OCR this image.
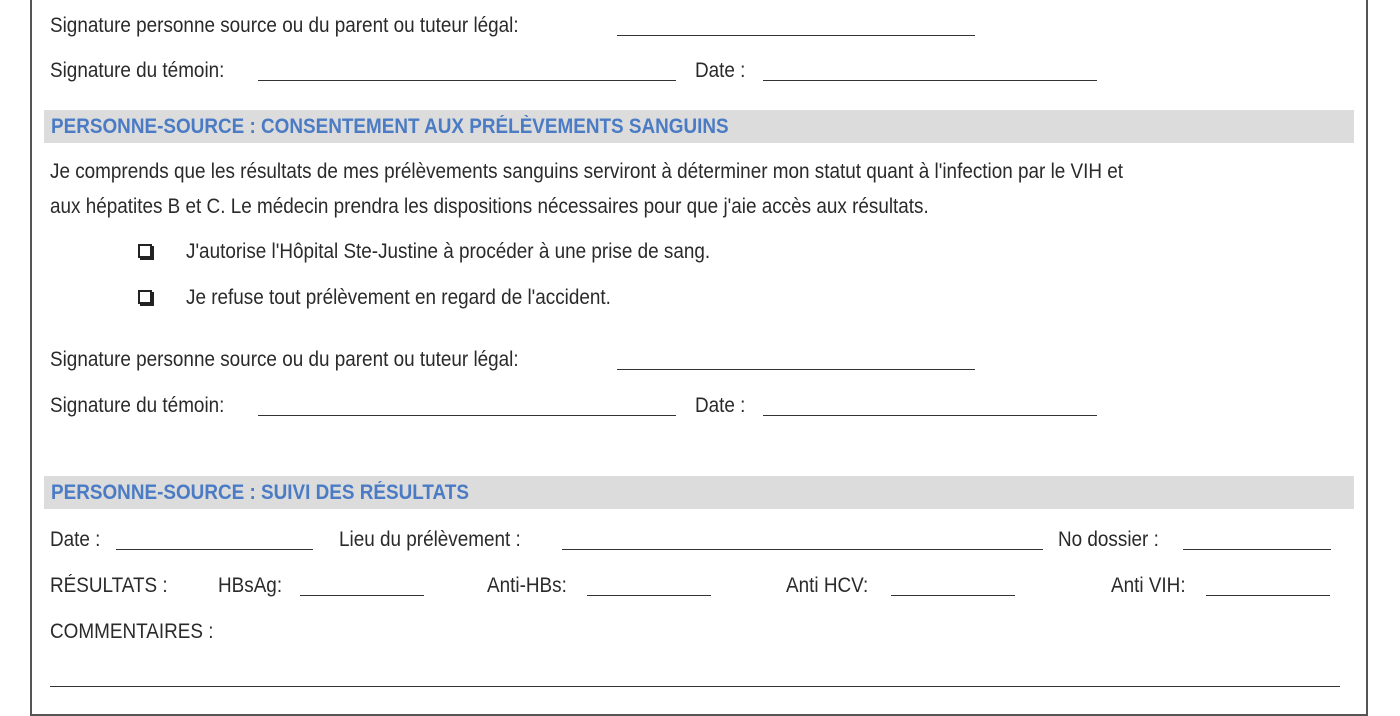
Signature personne source ou du parent ou tuteur légal:
Signature du témoin:	Date :
PERSONNE-SOURCE : CONSENTEMENT AUX PRÉLÈVEMENTS SANGUINS
Je comprends que les résultats de mes prélèvements sanguins serviront à déterminer mon statut quant à l'infection par le VIH et
aux hépatites B et C. Le médecin prendra les dispositions nécessaires pour que j'aie accès aux résultats.
J'autorise l'Hôpital Ste-Justine à procéder à une prise de sang.
Je refuse tout prélèvement en regard de l'accident.
Signature personne source ou du parent ou tuteur légal:
Signature du témoin:	Date :
PERSONNE-SOURCE : SUIVI DES RÉSULTATS
Date :	Lieu du prélèvement :	No dossier :
RÉSULTATS : HBsAg:	Anti-HBs:	Anti HCV:	Anti VIH:
COMMENTAIRES :
